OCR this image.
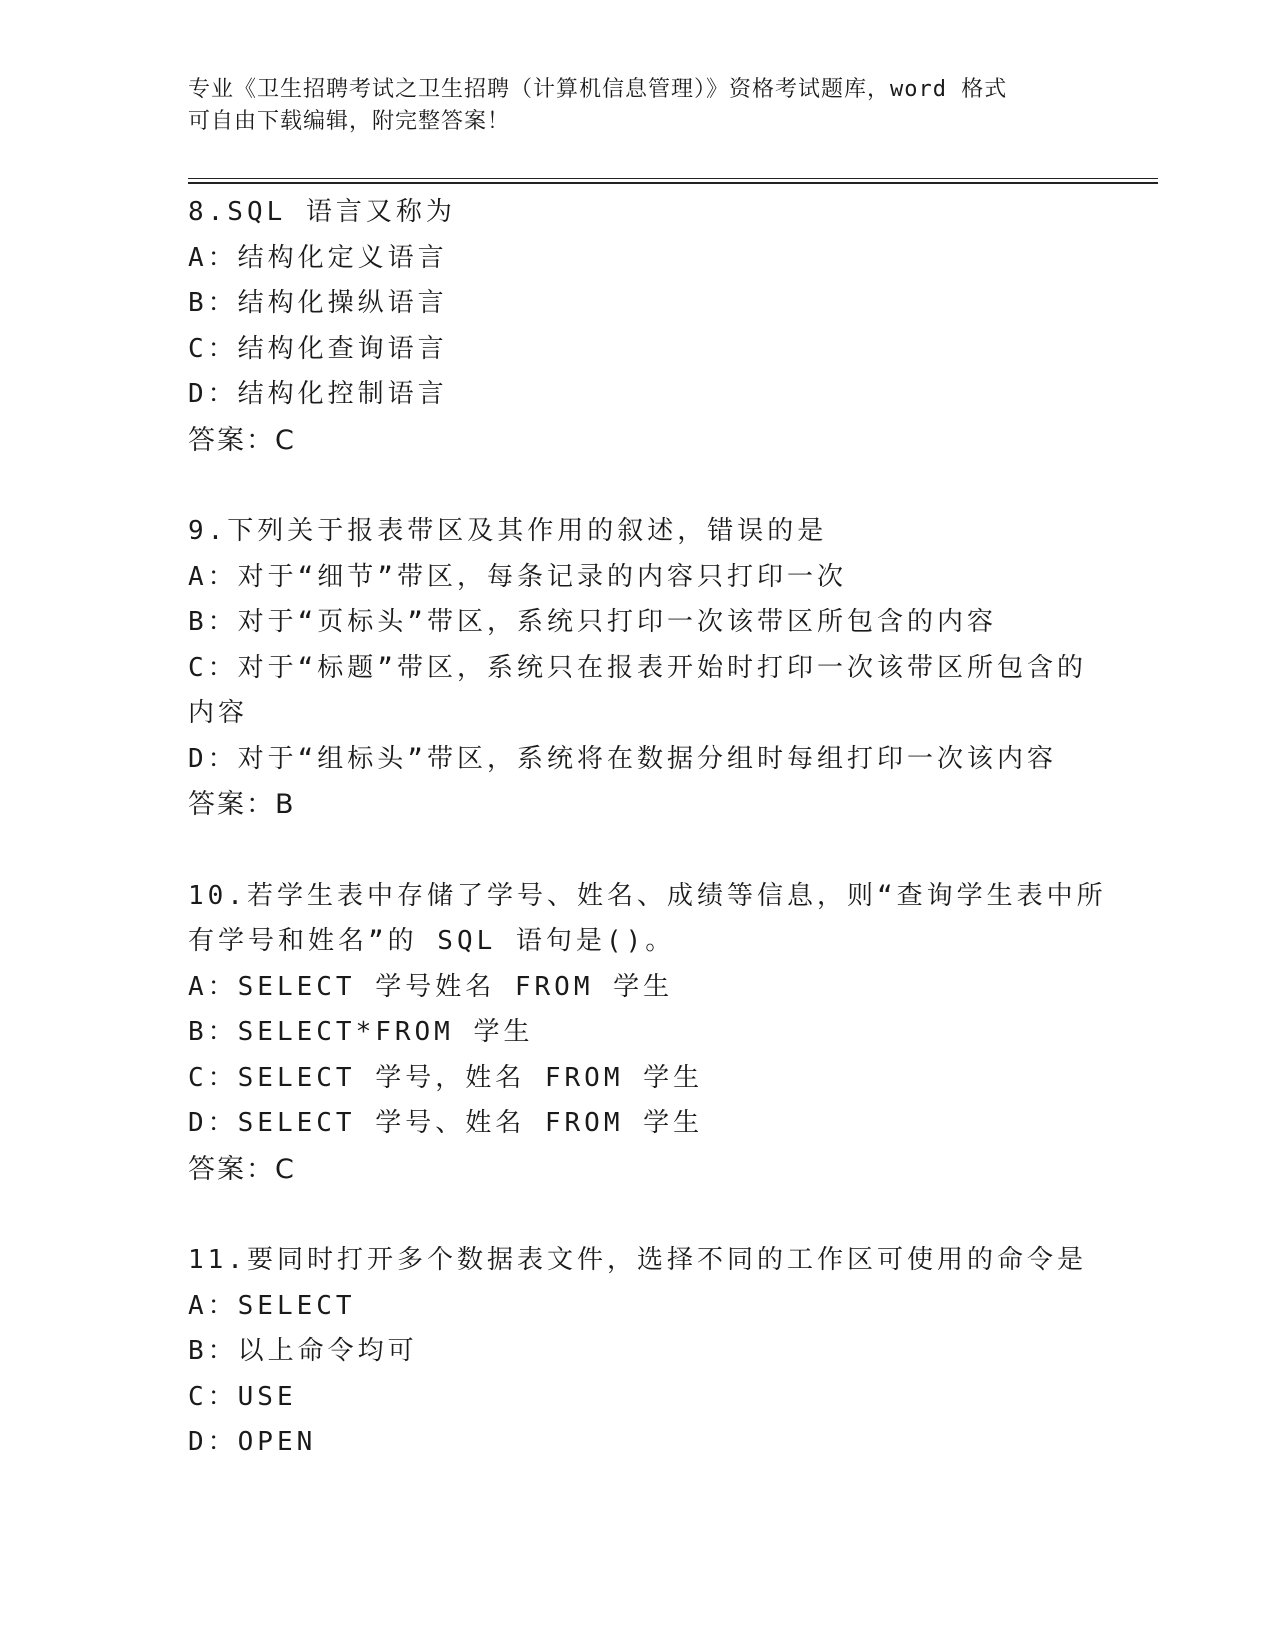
专业《卫生招聘考试之卫生招聘（计算机信息管理）》资格考试题库，word 格式
可自由下载编辑，附完整答案！
8.SQL 语言又称为
A：结构化定义语言
B：结构化操纵语言
C：结构化查询语言
D：结构化控制语言
答案：C
9.下列关于报表带区及其作用的叙述，错误的是
A：对于“细节”带区，每条记录的内容只打印一次
B：对于“页标头”带区，系统只打印一次该带区所包含的内容
C：对于“标题”带区，系统只在报表开始时打印一次该带区所包含的
内容
D：对于“组标头”带区，系统将在数据分组时每组打印一次该内容
答案：B
10.若学生表中存储了学号、姓名、成绩等信息，则“查询学生表中所
有学号和姓名”的 SQL 语句是()。
A：SELECT 学号姓名 FROM 学生
B：SELECT*FROM 学生
C：SELECT 学号，姓名 FROM 学生
D：SELECT 学号、姓名 FROM 学生
答案：C
11.要同时打开多个数据表文件，选择不同的工作区可使用的命令是
A：SELECT
B：以上命令均可
C：USE
D：OPEN
